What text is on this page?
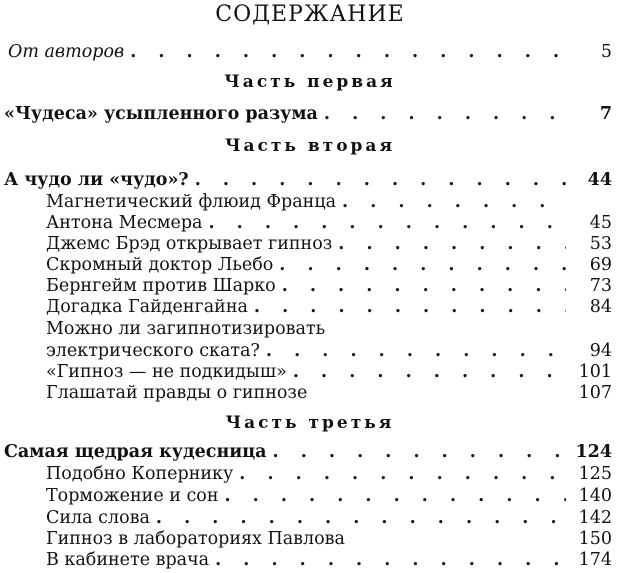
СОДЕРЖАНИЕ
От авторов . . .	5
Часть первая
«Чудеса» усыпленного разума . . .	7
Часть вторая
А чудо ли «чудо»? . . .	44
Магнетический флюид Франца
. . .
Антона Месмера . . .	45
Джемс Брэд открывает гипноз . . .	53
Скромный доктор Льебо . . .	69
Бернгейм против Шарко . . .	73
Догадка Гайденгайна . . .	84
Можно ли загипнотизировать
электрического ската? . . .	94
«Гипноз — не подкидыш» . . .	101
Глашатай правды о гипнозе	107
Часть третья
Самая щедрая кудесница . . .	124
Подобно Копернику . . .	125
Торможение и сон . . .	140
Сила слова . . .	142
Гипноз в лабораториях Павлова	150
В кабинете врача . . .	174
